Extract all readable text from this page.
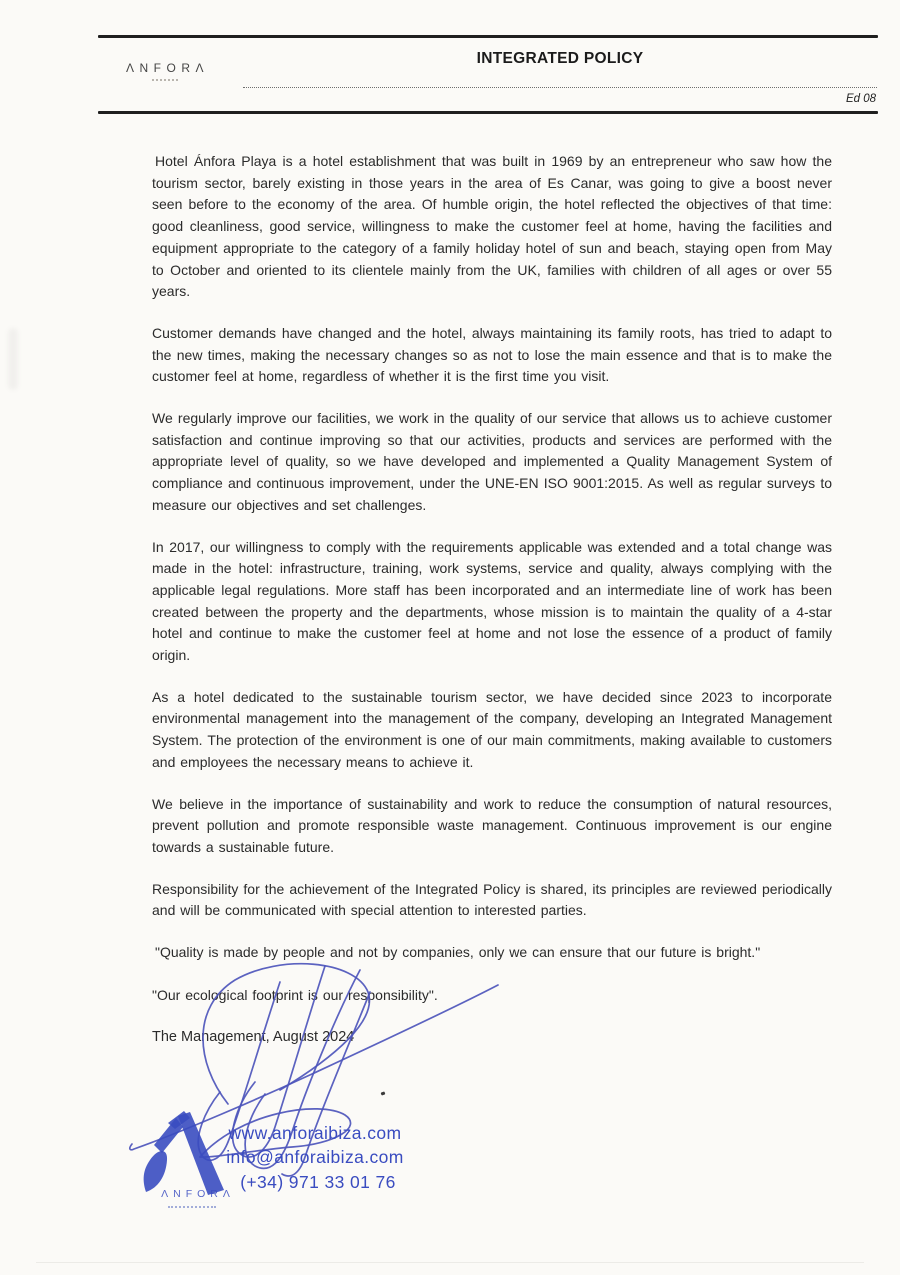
ΛNFORΛ
INTEGRATED POLICY
Ed 08

Hotel Ánfora Playa is a hotel establishment that was built in 1969 by an entrepreneur who saw how the tourism sector, barely existing in those years in the area of Es Canar, was going to give a boost never seen before to the economy of the area. Of humble origin, the hotel reflected the objectives of that time: good cleanliness, good service, willingness to make the customer feel at home, having the facilities and equipment appropriate to the category of a family holiday hotel of sun and beach, staying open from May to October and oriented to its clientele mainly from the UK, families with children of all ages or over 55 years.

Customer demands have changed and the hotel, always maintaining its family roots, has tried to adapt to the new times, making the necessary changes so as not to lose the main essence and that is to make the customer feel at home, regardless of whether it is the first time you visit.

We regularly improve our facilities, we work in the quality of our service that allows us to achieve customer satisfaction and continue improving so that our activities, products and services are performed with the appropriate level of quality, so we have developed and implemented a Quality Management System of compliance and continuous improvement, under the UNE-EN ISO 9001:2015. As well as regular surveys to measure our objectives and set challenges.

In 2017, our willingness to comply with the requirements applicable was extended and a total change was made in the hotel: infrastructure, training, work systems, service and quality, always complying with the applicable legal regulations. More staff has been incorporated and an intermediate line of work has been created between the property and the departments, whose mission is to maintain the quality of a 4-star hotel and continue to make the customer feel at home and not lose the essence of a product of family origin.

As a hotel dedicated to the sustainable tourism sector, we have decided since 2023 to incorporate environmental management into the management of the company, developing an Integrated Management System. The protection of the environment is one of our main commitments, making available to customers and employees the necessary means to achieve it.

We believe in the importance of sustainability and work to reduce the consumption of natural resources, prevent pollution and promote responsible waste management. Continuous improvement is our engine towards a sustainable future.

Responsibility for the achievement of the Integrated Policy is shared, its principles are reviewed periodically and will be communicated with special attention to interested parties.

"Quality is made by people and not by companies, only we can ensure that our future is bright."

"Our ecological footprint is our responsibility".

The Management, August 2024
ΛNFORΛ
www.anforaibiza.com
info@anforaibiza.com
(+34) 971 33 01 76
